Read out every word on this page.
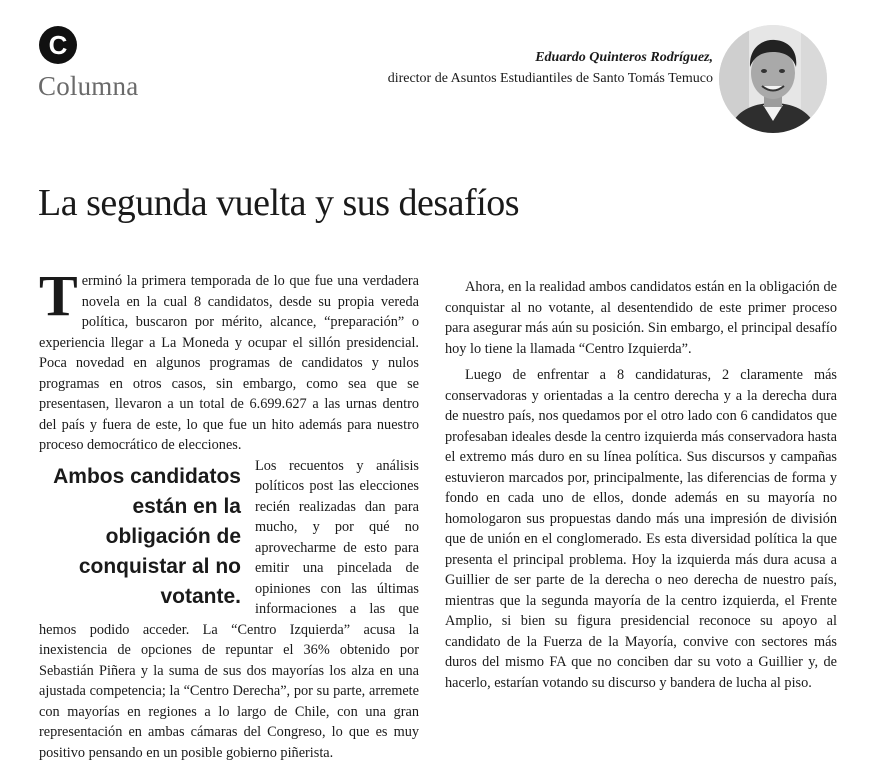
C
Columna
Eduardo Quinteros Rodríguez,
director de Asuntos Estudiantiles de Santo Tomás Temuco
La segunda vuelta y sus desafíos

Terminó la primera temporada de lo que fue una verdadera novela en la cual 8 candidatos, desde su propia vereda política, buscaron por mérito, alcance, “preparación” o experiencia llegar a La Moneda y ocupar el sillón presidencial. Poca novedad en algunos programas de candidatos y nulos programas en otros casos, sin embargo, como sea que se presentasen, llevaron a un total de 6.699.627 a las urnas dentro del país y fuera de este, lo que fue un hito además para nuestro proceso democrático de elecciones.

Ambos candidatos están en la obligación de conquistar al no votante.

Los recuentos y análisis políticos post las elecciones recién realizadas dan para mucho, y por qué no aprovecharme de esto para emitir una pincelada de opiniones con las últimas informaciones a las que hemos podido acceder. La “Centro Izquierda” acusa la inexistencia de opciones de repuntar el 36% obtenido por Sebastián Piñera y la suma de sus dos mayorías los alza en una ajustada competencia; la “Centro Derecha”, por su parte, arremete con mayorías en regiones a lo largo de Chile, con una gran representación en ambas cámaras del Congreso, lo que es muy positivo pensando en un posible gobierno piñerista.

Ahora, en la realidad ambos candidatos están en la obligación de conquistar al no votante, al desentendido de este primer proceso para asegurar más aún su posición. Sin embargo, el principal desafío hoy lo tiene la llamada “Centro Izquierda”.

Luego de enfrentar a 8 candidaturas, 2 claramente más conservadoras y orientadas a la centro derecha y a la derecha dura de nuestro país, nos quedamos por el otro lado con 6 candidatos que profesaban ideales desde la centro izquierda más conservadora hasta el extremo más duro en su línea política. Sus discursos y campañas estuvieron marcados por, principalmente, las diferencias de forma y fondo en cada uno de ellos, donde además en su mayoría no homologaron sus propuestas dando más una impresión de división que de unión en el conglomerado. Es esta diversidad política la que presenta el principal problema. Hoy la izquierda más dura acusa a Guillier de ser parte de la derecha o neo derecha de nuestro país, mientras que la segunda mayoría de la centro izquierda, el Frente Amplio, si bien su figura presidencial reconoce su apoyo al candidato de la Fuerza de la Mayoría, convive con sectores más duros del mismo FA que no conciben dar su voto a Guillier y, de hacerlo, estarían votando su discurso y bandera de lucha al piso.
